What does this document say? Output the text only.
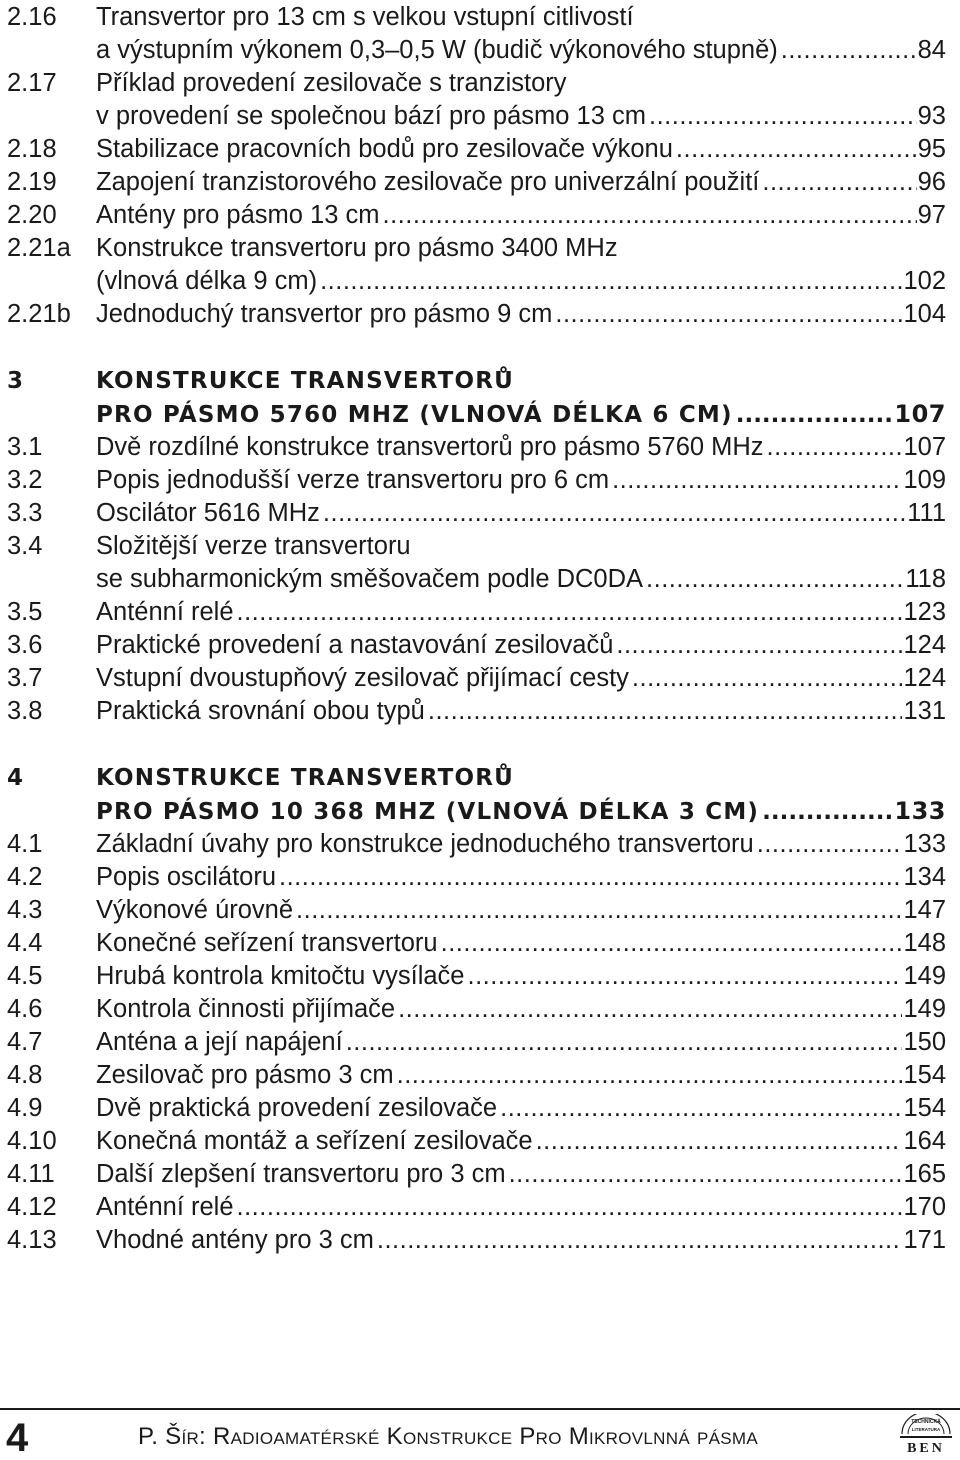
2.16	Transvertor pro 13 cm s velkou vstupní citlivostí
a výstupním výkonem 0,3–0,5 W (budič výkonového stupně) .....	84
2.17	Příklad provedení zesilovače s tranzistory
v provedení se společnou bází pro pásmo 13 cm .....	93
2.18	Stabilizace pracovních bodů pro zesilovače výkonu .....	95
2.19	Zapojení tranzistorového zesilovače pro univerzální použití .....	96
2.20	Antény pro pásmo 13 cm .....	97
2.21a Konstrukce transvertoru pro pásmo 3400 MHz
(vlnová délka 9 cm) .....	102
2.21b Jednoduchý transvertor pro pásmo 9 cm .....	104
3	KONSTRUKCE TRANSVERTORŮ
PRO PÁSMO 5760 MHZ (VLNOVÁ DÉLKA 6 CM) .....	107
3.1	Dvě rozdílné konstrukce transvertorů pro pásmo 5760 MHz .....	107
3.2	Popis jednodušší verze transvertoru pro 6 cm .....	109
3.3	Oscilátor 5616 MHz .....	111
3.4	Složitější verze transvertoru
se subharmonickým směšovačem podle DC0DA .....	118
3.5	Anténní relé .....	123
3.6	Praktické provedení a nastavování zesilovačů .....	124
3.7	Vstupní dvoustupňový zesilovač přijímací cesty .....	124
3.8	Praktická srovnání obou typů .....	131
4	KONSTRUKCE TRANSVERTORŮ
PRO PÁSMO 10 368 MHZ (VLNOVÁ DÉLKA 3 CM) .....	133
4.1	Základní úvahy pro konstrukce jednoduchého transvertoru .....	133
4.2	Popis oscilátoru .....	134
4.3	Výkonové úrovně .....	147
4.4	Konečné seřízení transvertoru .....	148
4.5	Hrubá kontrola kmitočtu vysílače .....	149
4.6	Kontrola činnosti přijímače .....	149
4.7	Anténa a její napájení .....	150
4.8	Zesilovač pro pásmo 3 cm .....	154
4.9	Dvě praktická provedení zesilovače .....	154
4.10	Konečná montáž a seřízení zesilovače .....	164
4.11	Další zlepšení transvertoru pro 3 cm .....	165
4.12	Anténní relé .....	170
4.13	Vhodné antény pro 3 cm .....	171
4	P. Šír: Radioamatérské Konstrukce Pro Mikrovlnná pásma
TECHNICKÁ
LITERATURA
BEN
